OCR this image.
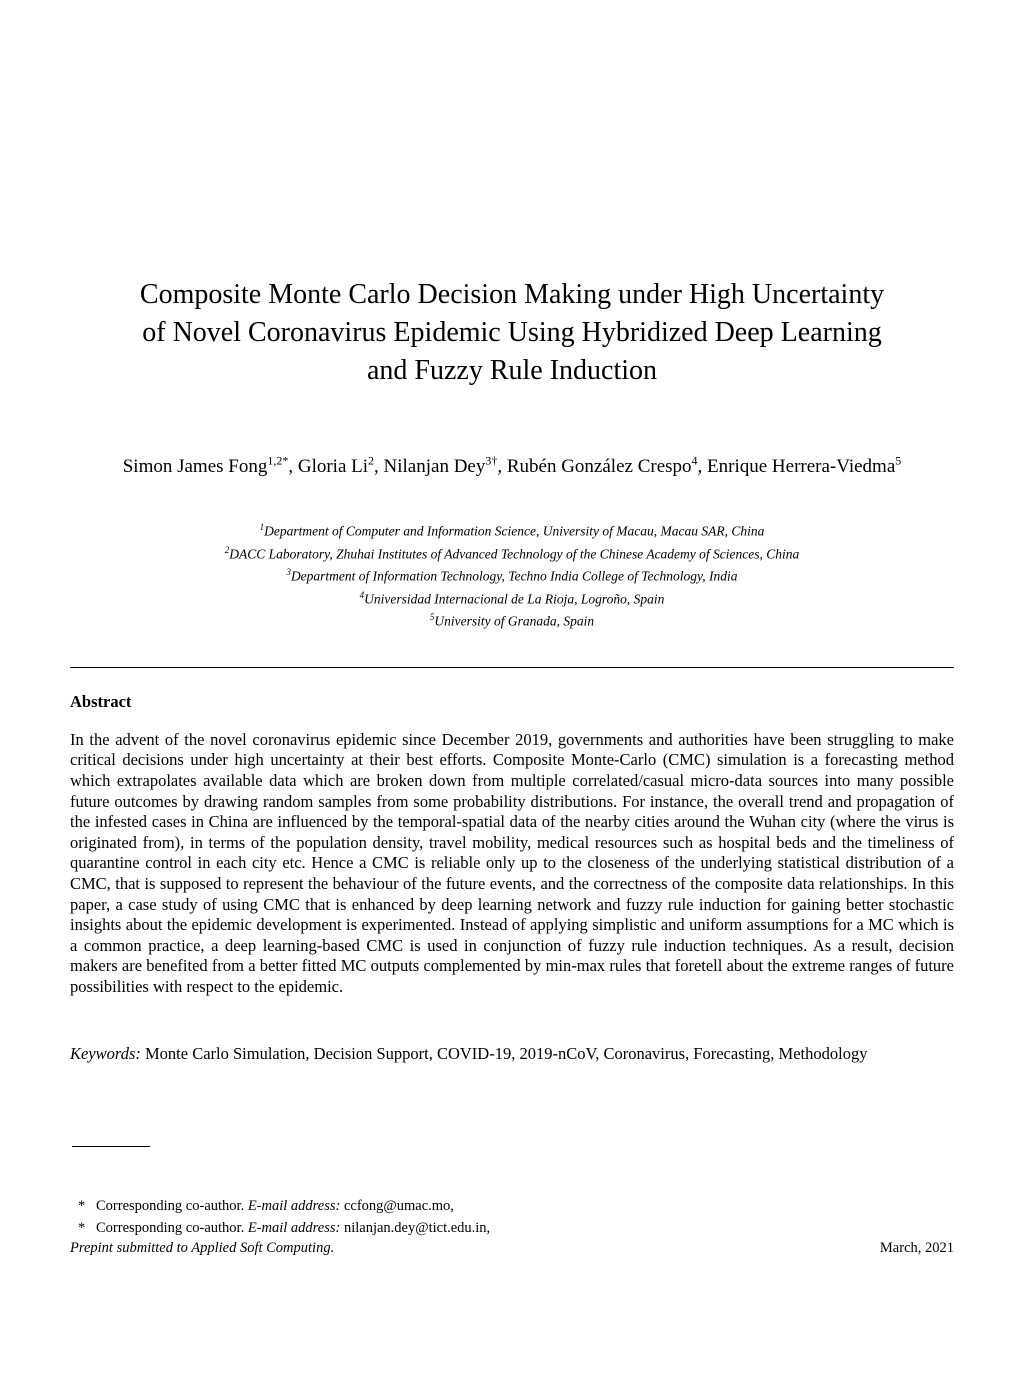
Composite Monte Carlo Decision Making under High Uncertainty
of Novel Coronavirus Epidemic Using Hybridized Deep Learning
and Fuzzy Rule Induction
Simon James Fong$^{1,2*}$, Gloria Li$^2$, Nilanjan Dey$^{3\dagger}$, Rubén González Crespo$^4$, Enrique Herrera-Viedma$^5$
$^1$Department of Computer and Information Science, University of Macau, Macau SAR, China
$^2$DACC Laboratory, Zhuhai Institutes of Advanced Technology of the Chinese Academy of Sciences, China
$^3$Department of Information Technology, Techno India College of Technology, India
$^4$Universidad Internacional de La Rioja, Logroño, Spain
$^5$University of Granada, Spain
Abstract
In the advent of the novel coronavirus epidemic since December 2019, governments and authorities have been struggling to make critical decisions under high uncertainty at their best efforts. Composite Monte-Carlo (CMC) simulation is a forecasting method which extrapolates available data which are broken down from multiple correlated/casual micro-data sources into many possible future outcomes by drawing random samples from some probability distributions. For instance, the overall trend and propagation of the infested cases in China are influenced by the temporal-spatial data of the nearby cities around the Wuhan city (where the virus is originated from), in terms of the population density, travel mobility, medical resources such as hospital beds and the timeliness of quarantine control in each city etc. Hence a CMC is reliable only up to the closeness of the underlying statistical distribution of a CMC, that is supposed to represent the behaviour of the future events, and the correctness of the composite data relationships. In this paper, a case study of using CMC that is enhanced by deep learning network and fuzzy rule induction for gaining better stochastic insights about the epidemic development is experimented. Instead of applying simplistic and uniform assumptions for a MC which is a common practice, a deep learning-based CMC is used in conjunction of fuzzy rule induction techniques. As a result, decision makers are benefited from a better fitted MC outputs complemented by min-max rules that foretell about the extreme ranges of future possibilities with respect to the epidemic.
Keywords: Monte Carlo Simulation, Decision Support, COVID-19, 2019-nCoV, Coronavirus, Forecasting, Methodology
* Corresponding co-author. E-mail address: ccfong@umac.mo,
* Corresponding co-author. E-mail address: nilanjan.dey@tict.edu.in,
Prepint submitted to Applied Soft Computing.	March, 2021
